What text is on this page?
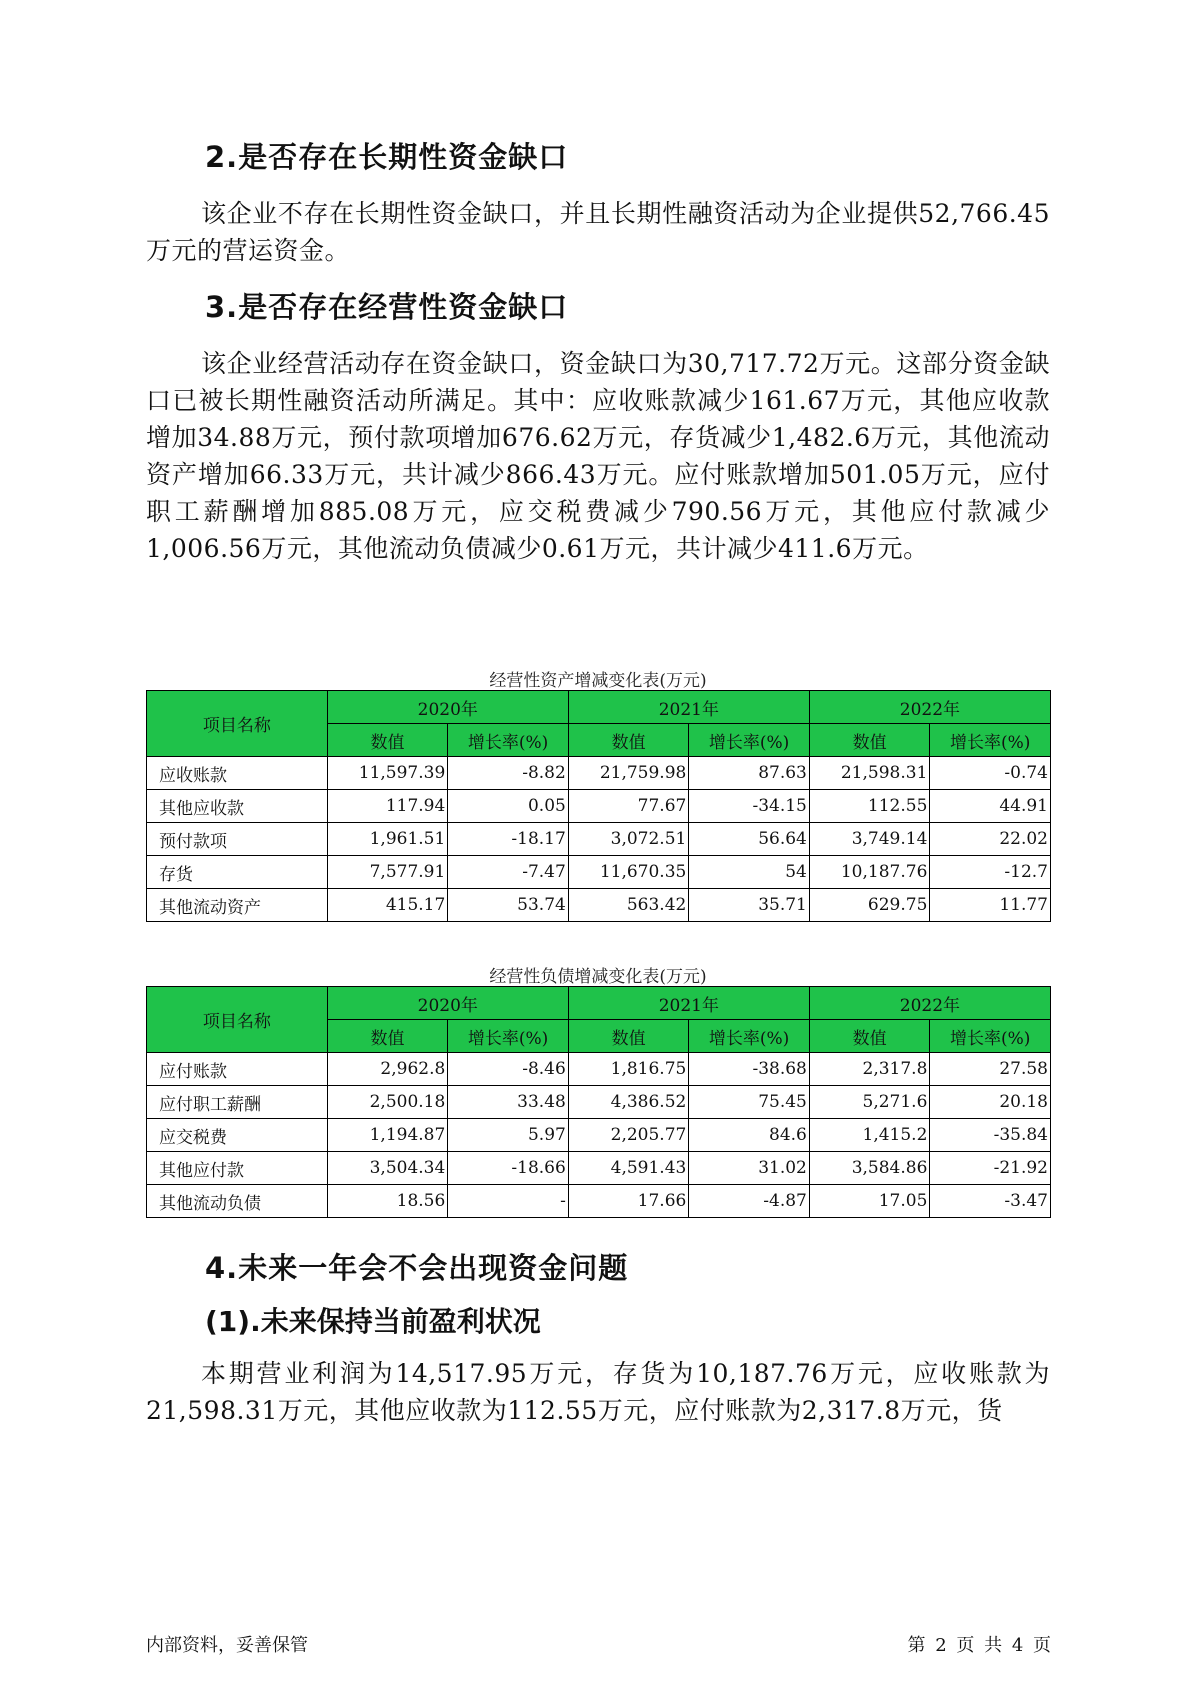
2.是否存在长期性资金缺口

该企业不存在长期性资金缺口，并且长期性融资活动为企业提供52,766.45万元的营运资金。

3.是否存在经营性资金缺口

该企业经营活动存在资金缺口，资金缺口为30,717.72万元。这部分资金缺口已被长期性融资活动所满足。其中：应收账款减少161.67万元，其他应收款增加34.88万元，预付款项增加676.62万元，存货减少1,482.6万元，其他流动资产增加66.33万元，共计减少866.43万元。应付账款增加501.05万元，应付职工薪酬增加885.08万元，应交税费减少790.56万元，其他应付款减少1,006.56万元，其他流动负债减少0.61万元，共计减少411.6万元。

经营性资产增减变化表(万元)
项目名称	2020年		2021年		2022年	
	数值	增长率(%)	数值	增长率(%)	数值	增长率(%)
应收账款	11,597.39	-8.82	21,759.98	87.63	21,598.31	-0.74
其他应收款	117.94	0.05	77.67	-34.15	112.55	44.91
预付款项	1,961.51	-18.17	3,072.51	56.64	3,749.14	22.02
存货	7,577.91	-7.47	11,670.35	54	10,187.76	-12.7
其他流动资产	415.17	53.74	563.42	35.71	629.75	11.77
经营性负债增减变化表(万元)
项目名称	2020年		2021年		2022年	
	数值	增长率(%)	数值	增长率(%)	数值	增长率(%)
应付账款	2,962.8	-8.46	1,816.75	-38.68	2,317.8	27.58
应付职工薪酬	2,500.18	33.48	4,386.52	75.45	5,271.6	20.18
应交税费	1,194.87	5.97	2,205.77	84.6	1,415.2	-35.84
其他应付款	3,504.34	-18.66	4,591.43	31.02	3,584.86	-21.92
其他流动负债	18.56	-	17.66	-4.87	17.05	-3.47
4.未来一年会不会出现资金问题
(1).未来保持当前盈利状况

本期营业利润为14,517.95万元，存货为10,187.76万元，应收账款为21,598.31万元，其他应收款为112.55万元，应付账款为2,317.8万元，货

内部资料，妥善保管	第 2 页 共 4 页
